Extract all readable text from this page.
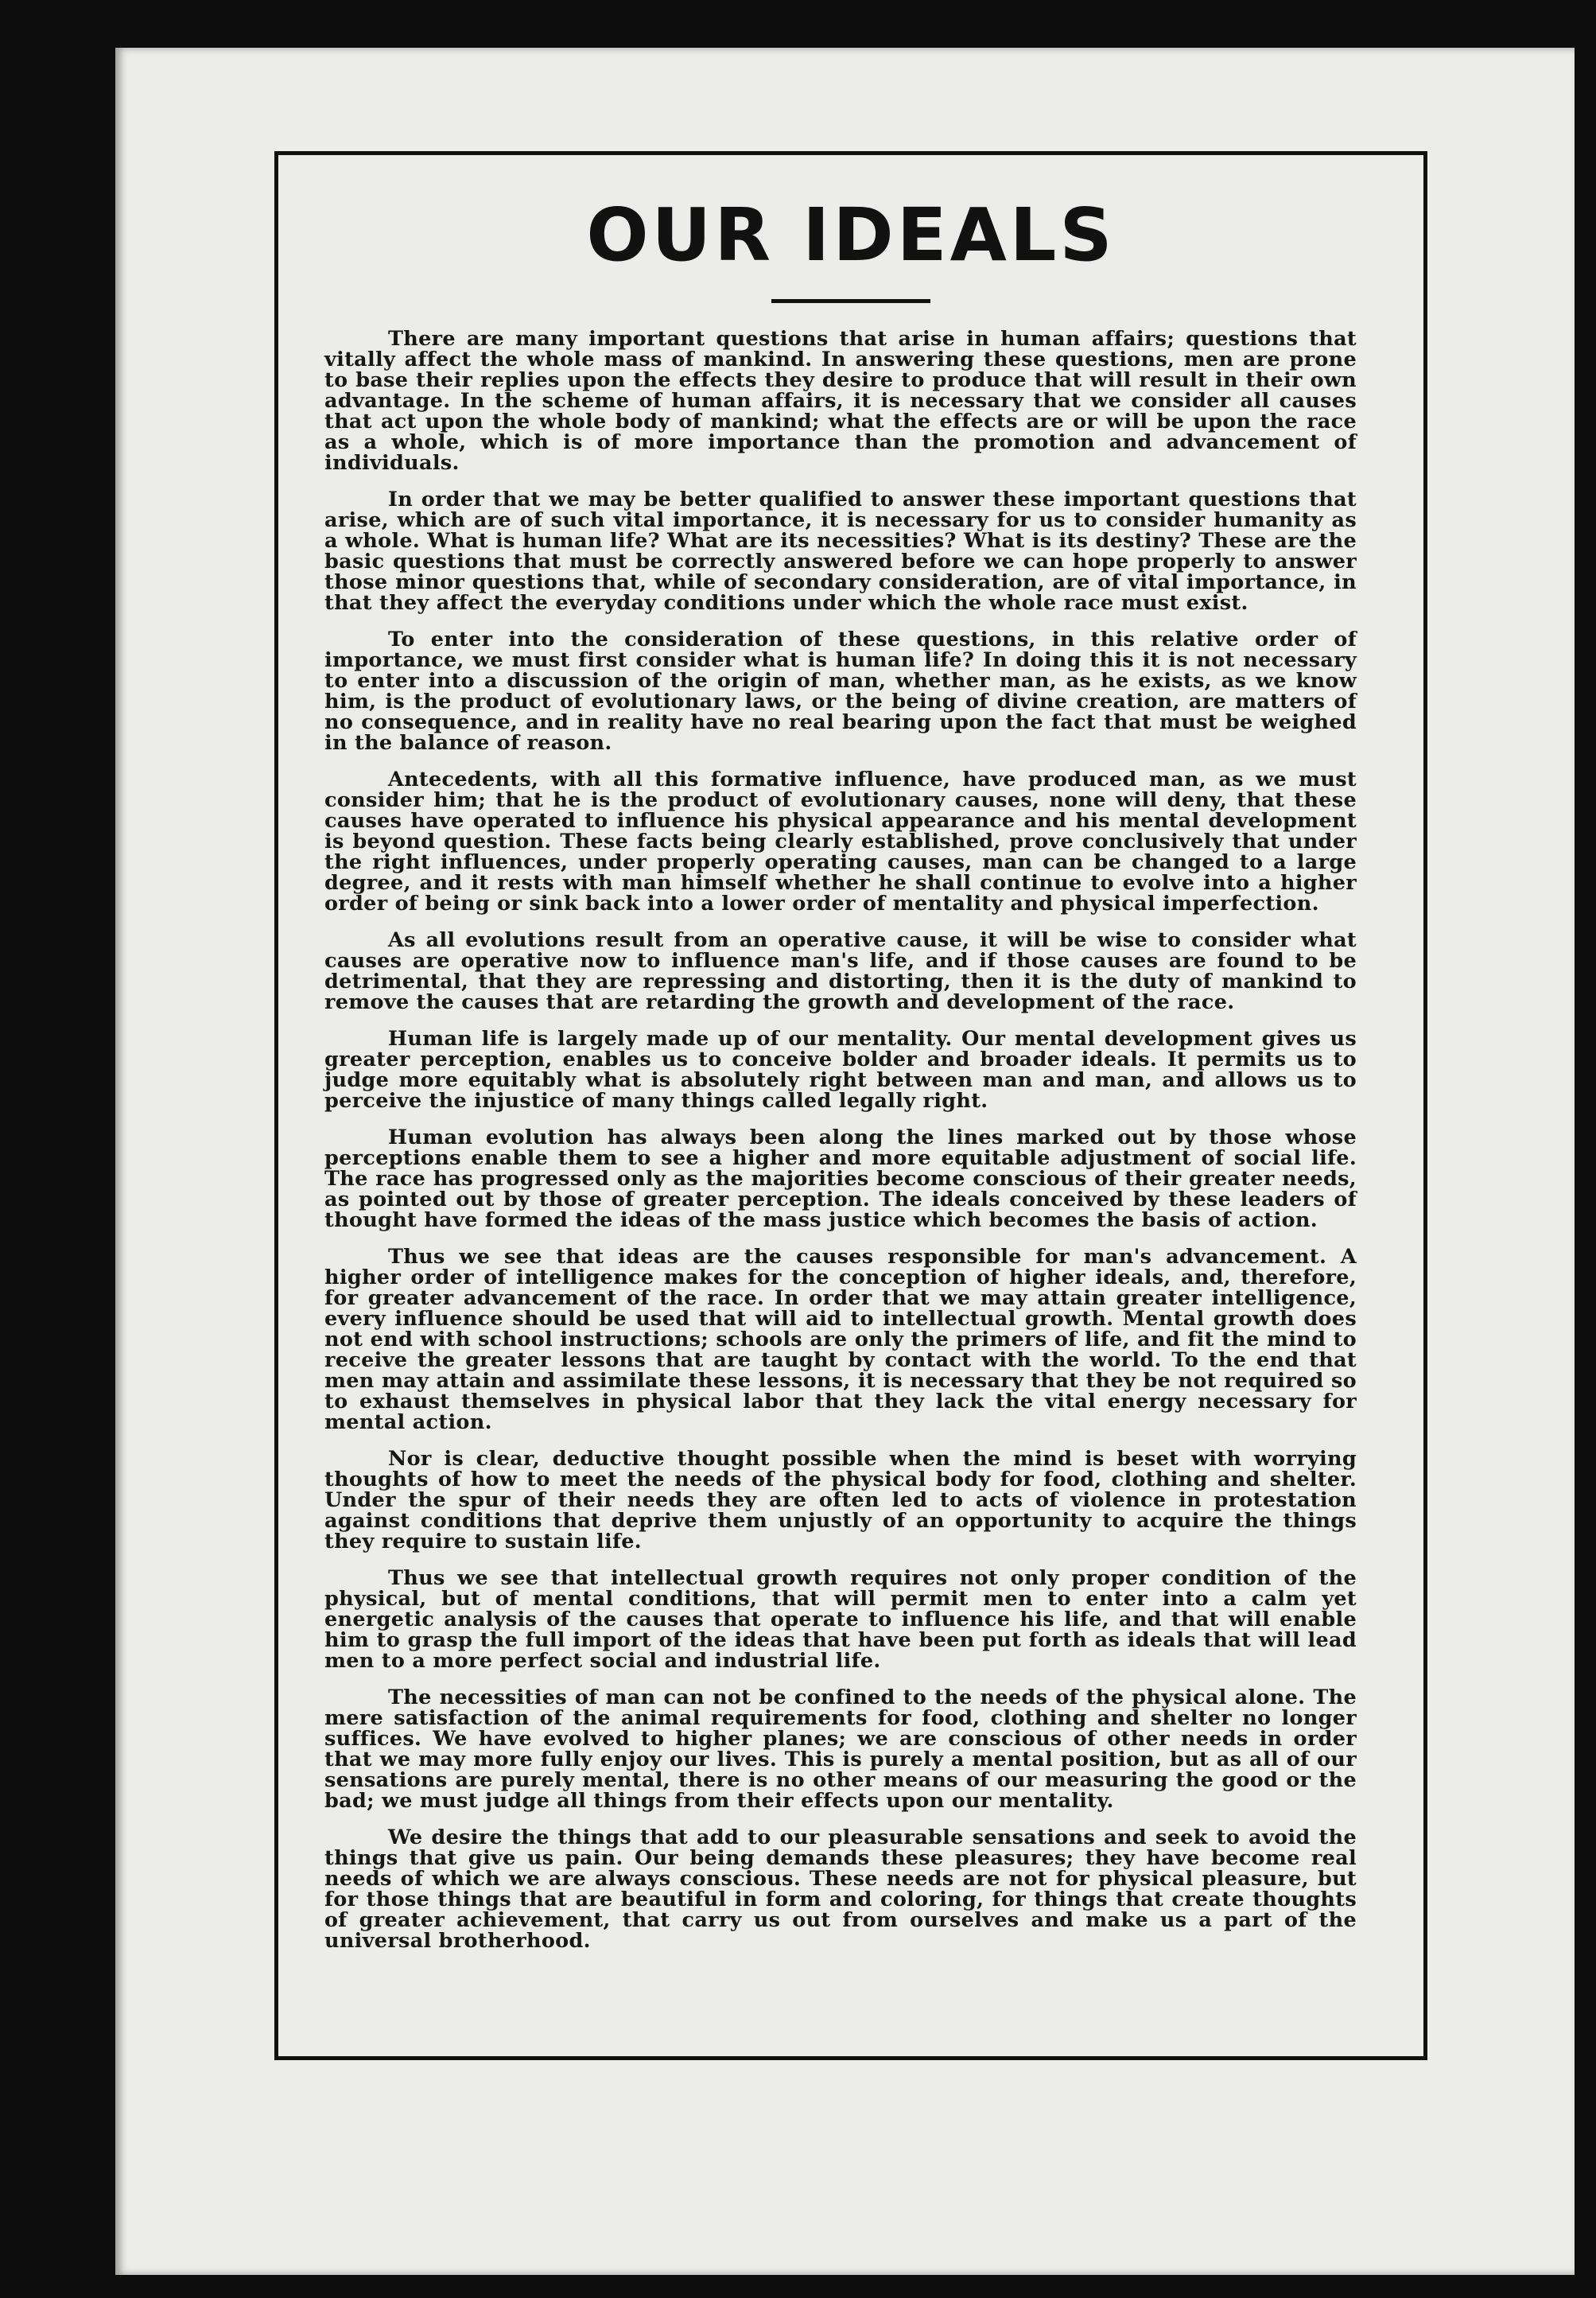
OUR IDEALS

There are many important questions that arise in human affairs; questions that vitally affect the whole mass of mankind. In answering these questions, men are prone to base their replies upon the effects they desire to produce that will result in their own advantage. In the scheme of human affairs, it is necessary that we consider all causes that act upon the whole body of mankind; what the effects are or will be upon the race as a whole, which is of more importance than the promotion and advancement of individuals.

In order that we may be better qualified to answer these important questions that arise, which are of such vital importance, it is necessary for us to consider humanity as a whole. What is human life? What are its necessities? What is its destiny? These are the basic questions that must be correctly answered before we can hope properly to answer those minor questions that, while of secondary consideration, are of vital importance, in that they affect the everyday conditions under which the whole race must exist.

To enter into the consideration of these questions, in this relative order of importance, we must first consider what is human life? In doing this it is not necessary to enter into a discussion of the origin of man, whether man, as he exists, as we know him, is the product of evolutionary laws, or the being of divine creation, are matters of no consequence, and in reality have no real bearing upon the fact that must be weighed in the balance of reason.

Antecedents, with all this formative influence, have produced man, as we must consider him; that he is the product of evolutionary causes, none will deny, that these causes have operated to influence his physical appearance and his mental development is beyond question. These facts being clearly established, prove conclusively that under the right influences, under properly operating causes, man can be changed to a large degree, and it rests with man himself whether he shall continue to evolve into a higher order of being or sink back into a lower order of mentality and physical imperfection.

As all evolutions result from an operative cause, it will be wise to consider what causes are operative now to influence man's life, and if those causes are found to be detrimental, that they are repressing and distorting, then it is the duty of mankind to remove the causes that are retarding the growth and development of the race.

Human life is largely made up of our mentality. Our mental development gives us greater perception, enables us to conceive bolder and broader ideals. It permits us to judge more equitably what is absolutely right between man and man, and allows us to perceive the injustice of many things called legally right.

Human evolution has always been along the lines marked out by those whose perceptions enable them to see a higher and more equitable adjustment of social life. The race has progressed only as the majorities become conscious of their greater needs, as pointed out by those of greater perception. The ideals conceived by these leaders of thought have formed the ideas of the mass justice which becomes the basis of action.

Thus we see that ideas are the causes responsible for man's advancement. A higher order of intelligence makes for the conception of higher ideals, and, therefore, for greater advancement of the race. In order that we may attain greater intelligence, every influence should be used that will aid to intellectual growth. Mental growth does not end with school instructions; schools are only the primers of life, and fit the mind to receive the greater lessons that are taught by contact with the world. To the end that men may attain and assimilate these lessons, it is necessary that they be not required so to exhaust themselves in physical labor that they lack the vital energy necessary for mental action.

Nor is clear, deductive thought possible when the mind is beset with worrying thoughts of how to meet the needs of the physical body for food, clothing and shelter. Under the spur of their needs they are often led to acts of violence in protestation against conditions that deprive them unjustly of an opportunity to acquire the things they require to sustain life.

Thus we see that intellectual growth requires not only proper condition of the physical, but of mental conditions, that will permit men to enter into a calm yet energetic analysis of the causes that operate to influence his life, and that will enable him to grasp the full import of the ideas that have been put forth as ideals that will lead men to a more perfect social and industrial life.

The necessities of man can not be confined to the needs of the physical alone. The mere satisfaction of the animal requirements for food, clothing and shelter no longer suffices. We have evolved to higher planes; we are conscious of other needs in order that we may more fully enjoy our lives. This is purely a mental position, but as all of our sensations are purely mental, there is no other means of our measuring the good or the bad; we must judge all things from their effects upon our mentality.

We desire the things that add to our pleasurable sensations and seek to avoid the things that give us pain. Our being demands these pleasures; they have become real needs of which we are always conscious. These needs are not for physical pleasure, but for those things that are beautiful in form and coloring, for things that create thoughts of greater achievement, that carry us out from ourselves and make us a part of the universal brotherhood.
